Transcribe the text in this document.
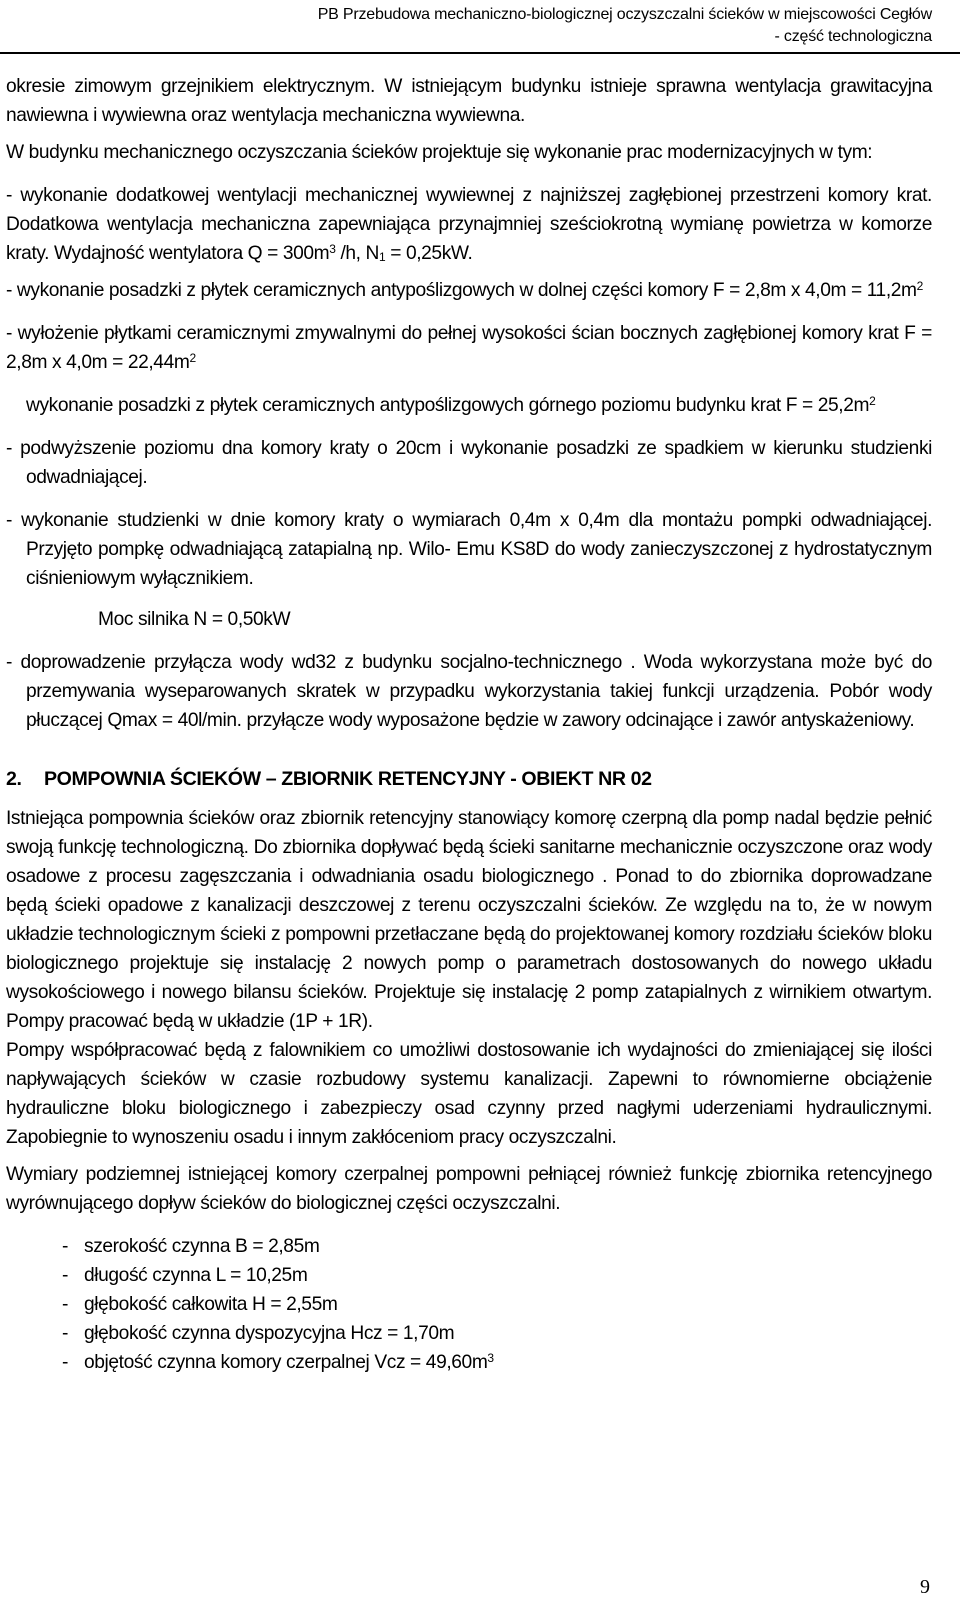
PB Przebudowa mechaniczno-biologicznej oczyszczalni ścieków w miejscowości Cegłów
- część technologiczna

okresie zimowym grzejnikiem elektrycznym. W istniejącym budynku istnieje sprawna wentylacja grawitacyjna nawiewna i wywiewna oraz wentylacja mechaniczna wywiewna.

W budynku mechanicznego oczyszczania ścieków projektuje się wykonanie prac modernizacyjnych w tym:

- wykonanie dodatkowej wentylacji mechanicznej wywiewnej z najniższej zagłębionej przestrzeni komory krat. Dodatkowa wentylacja mechaniczna zapewniająca przynajmniej sześciokrotną wymianę powietrza w komorze kraty. Wydajność wentylatora $Q = 300m^3$ /h, $N_1 = 0,25kW$.

- wykonanie posadzki z płytek ceramicznych antypoślizgowych w dolnej części komory F = 2,8m x $4,0m = 11,2m^2$

- wyłożenie płytkami ceramicznymi zmywalnymi do pełnej wysokości ścian bocznych zagłębionej komory krat F = 2,8m x $4,0m = 22,44m^2$

wykonanie posadzki z płytek ceramicznych antypoślizgowych górnego poziomu budynku krat $F = 25,2m^2$

- podwyższenie poziomu dna komory kraty o 20cm i wykonanie posadzki ze spadkiem w kierunku studzienki odwadniającej.

- wykonanie studzienki w dnie komory kraty o wymiarach 0,4m x 0,4m dla montażu pompki odwadniającej. Przyjęto pompkę odwadniającą zatapialną np. Wilo- Emu KS8D do wody zanieczyszczonej z hydrostatycznym ciśnieniowym wyłącznikiem.

Moc silnika N = 0,50kW

- doprowadzenie przyłącza wody wd32 z budynku socjalno-technicznego . Woda wykorzystana może być do przemywania wyseparowanych skratek w przypadku wykorzystania takiej funkcji urządzenia. Pobór wody płuczącej Qmax = 40l/min. przyłącze wody wyposażone będzie w zawory odcinające i zawór antyskażeniowy.

2. POMPOWNIA ŚCIEKÓW – ZBIORNIK RETENCYJNY - OBIEKT NR 02

Istniejąca pompownia ścieków oraz zbiornik retencyjny stanowiący komorę czerpną dla pomp nadal będzie pełnić swoją funkcję technologiczną. Do zbiornika dopływać będą ścieki sanitarne mechanicznie oczyszczone oraz wody osadowe z procesu zagęszczania i odwadniania osadu biologicznego . Ponad to do zbiornika doprowadzane będą ścieki opadowe z kanalizacji deszczowej z terenu oczyszczalni ścieków. Ze względu na to, że w nowym układzie technologicznym ścieki z pompowni przetłaczane będą do projektowanej komory rozdziału ścieków bloku biologicznego projektuje się instalację 2 nowych pomp o parametrach dostosowanych do nowego układu wysokościowego i nowego bilansu ścieków. Projektuje się instalację 2 pomp zatapialnych z wirnikiem otwartym. Pompy pracować będą w układzie (1P + 1R).

Pompy współpracować będą z falownikiem co umożliwi dostosowanie ich wydajności do zmieniającej się ilości napływających ścieków w czasie rozbudowy systemu kanalizacji. Zapewni to równomierne obciążenie hydrauliczne bloku biologicznego i zabezpieczy osad czynny przed nagłymi uderzeniami hydraulicznymi. Zapobiegnie to wynoszeniu osadu i innym zakłóceniom pracy oczyszczalni.

Wymiary podziemnej istniejącej komory czerpalnej pompowni pełniącej również funkcję zbiornika retencyjnego wyrównującego dopływ ścieków do biologicznej części oczyszczalni.

- szerokość czynna B = 2,85m
- długość czynna L = 10,25m
- głębokość całkowita H = 2,55m
- głębokość czynna dyspozycyjna Hcz = 1,70m
- objętość czynna komory czerpalnej Vcz = $49,60m^3$
9
